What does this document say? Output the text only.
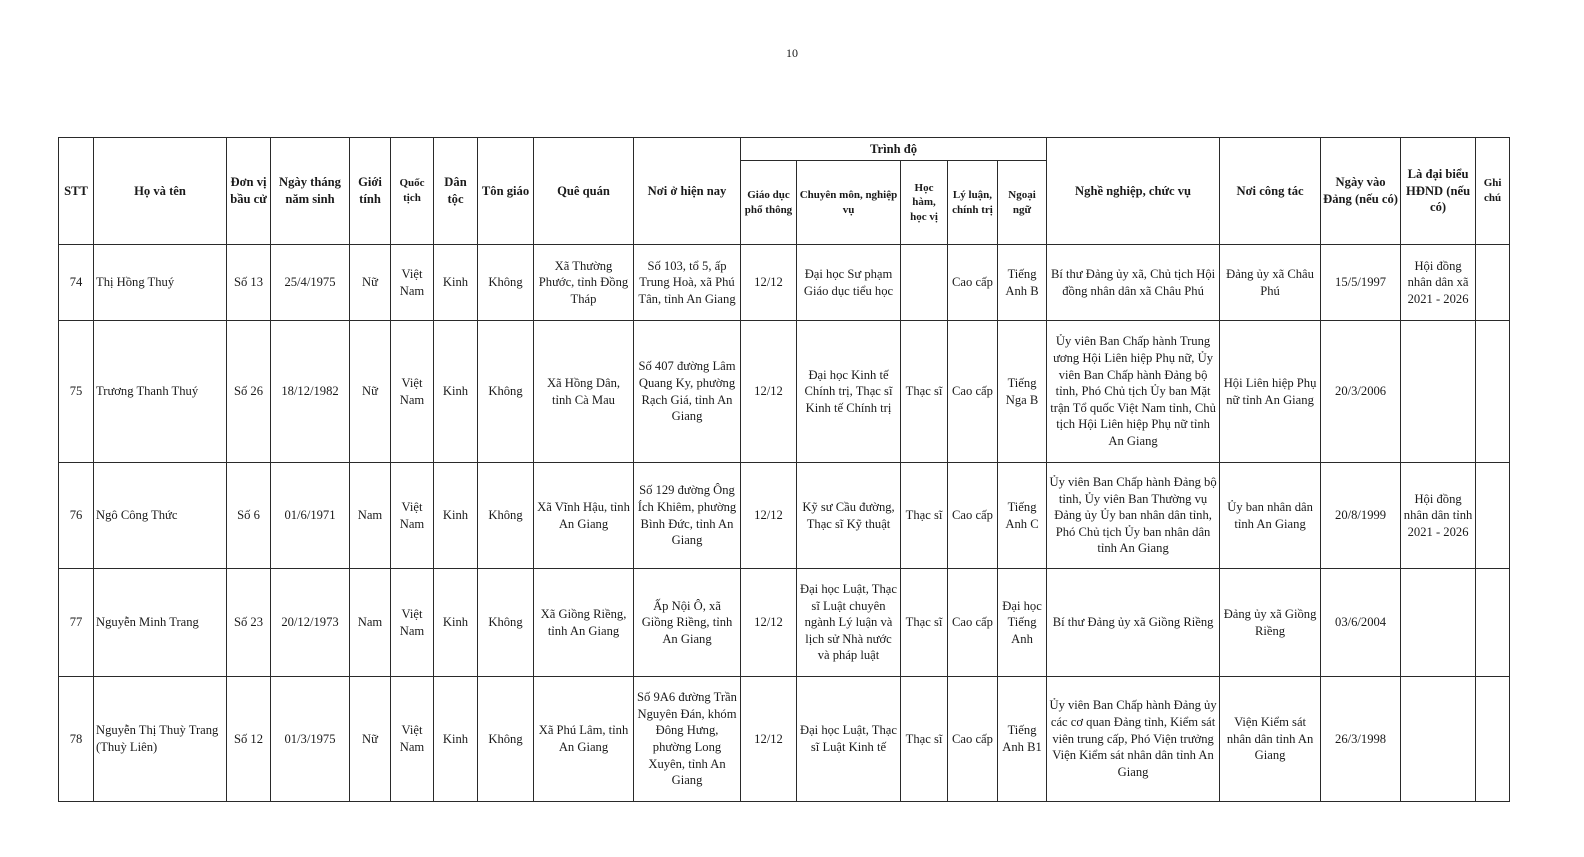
10
STT	Họ và tên	Đơn vị bầu cử	Ngày tháng năm sinh	Giới tính	Quốc tịch	Dân tộc	Tôn giáo	Quê quán	Nơi ở hiện nay	Trình độ					Nghề nghiệp, chức vụ	Nơi công tác	Ngày vào Đảng (nếu có)	Là đại biểu HĐND (nếu có)	Ghi chú
										Giáo dục phổ thông	Chuyên môn, nghiệp vụ	Học hàm, học vị	Lý luận, chính trị	Ngoại ngữ					
74	Thị Hồng Thuý	Số 13	25/4/1975	Nữ	Việt Nam	Kinh	Không	Xã Thường Phước, tỉnh Đồng Tháp	Số 103, tổ 5, ấp Trung Hoà, xã Phú Tân, tỉnh An Giang	12/12	Đại học Sư phạm Giáo dục tiểu học		Cao cấp	Tiếng Anh B	Bí thư Đảng ủy xã, Chủ tịch Hội đồng nhân dân xã Châu Phú	Đảng ủy xã Châu Phú	15/5/1997	Hội đồng nhân dân xã 2021 - 2026	
75	Trương Thanh Thuý	Số 26	18/12/1982	Nữ	Việt Nam	Kinh	Không	Xã Hồng Dân, tỉnh Cà Mau	Số 407 đường Lâm Quang Ky, phường Rạch Giá, tỉnh An Giang	12/12	Đại học Kinh tế Chính trị, Thạc sĩ Kinh tế Chính trị	Thạc sĩ	Cao cấp	Tiếng Nga B	Ủy viên Ban Chấp hành Trung ương Hội Liên hiệp Phụ nữ, Ủy viên Ban Chấp hành Đảng bộ tỉnh, Phó Chủ tịch Ủy ban Mặt trận Tổ quốc Việt Nam tỉnh, Chủ tịch Hội Liên hiệp Phụ nữ tỉnh An Giang	Hội Liên hiệp Phụ nữ tỉnh An Giang	20/3/2006		
76	Ngô Công Thức	Số 6	01/6/1971	Nam	Việt Nam	Kinh	Không	Xã Vĩnh Hậu, tỉnh An Giang	Số 129 đường Ông Ích Khiêm, phường Bình Đức, tỉnh An Giang	12/12	Kỹ sư Cầu đường, Thạc sĩ Kỹ thuật	Thạc sĩ	Cao cấp	Tiếng Anh C	Ủy viên Ban Chấp hành Đảng bộ tỉnh, Ủy viên Ban Thường vụ Đảng ủy Ủy ban nhân dân tỉnh, Phó Chủ tịch Ủy ban nhân dân tỉnh An Giang	Ủy ban nhân dân tỉnh An Giang	20/8/1999	Hội đồng nhân dân tỉnh 2021 - 2026	
77	Nguyễn Minh Trang	Số 23	20/12/1973	Nam	Việt Nam	Kinh	Không	Xã Giồng Riềng, tỉnh An Giang	Ấp Nội Ô, xã Giồng Riềng, tỉnh An Giang	12/12	Đại học Luật, Thạc sĩ Luật chuyên ngành Lý luận và lịch sử Nhà nước và pháp luật	Thạc sĩ	Cao cấp	Đại học Tiếng Anh	Bí thư Đảng ủy xã Giồng Riềng	Đảng ủy xã Giồng Riềng	03/6/2004		
78	Nguyễn Thị Thuỳ Trang (Thuỳ Liên)	Số 12	01/3/1975	Nữ	Việt Nam	Kinh	Không	Xã Phú Lâm, tỉnh An Giang	Số 9A6 đường Trần Nguyên Đán, khóm Đông Hưng, phường Long Xuyên, tỉnh An Giang	12/12	Đại học Luật, Thạc sĩ Luật Kinh tế	Thạc sĩ	Cao cấp	Tiếng Anh B1	Ủy viên Ban Chấp hành Đảng ủy các cơ quan Đảng tỉnh, Kiểm sát viên trung cấp, Phó Viện trưởng Viện Kiểm sát nhân dân tỉnh An Giang	Viện Kiểm sát nhân dân tỉnh An Giang	26/3/1998		
